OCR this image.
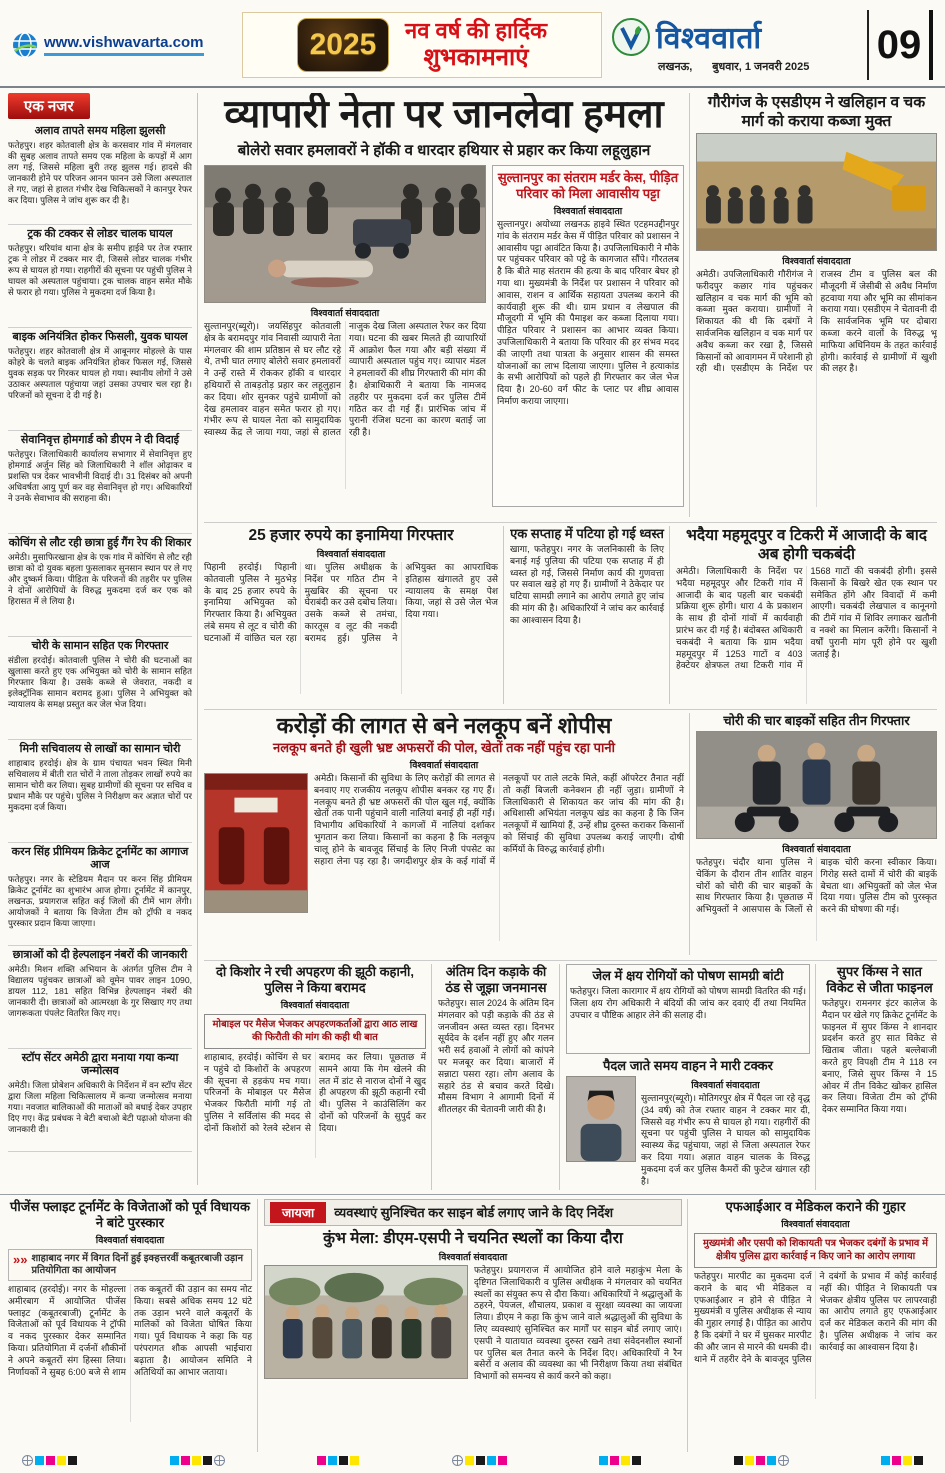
www.vishwavarta.com	2025	नव वर्ष की हार्दिक
शुभकामनाएं
विश्ववार्ता
लखनऊ, बुधवार, 1 जनवरी 2025 09
एक नजर
अलाव तापते समय महिला झुलसी

फतेहपुर। शहर कोतवाली क्षेत्र के करसवार गांव में मंगलवार की सुबह अलाव तापते समय एक महिला के कपड़ों में आग लग गई, जिससे महिला बुरी तरह झुलस गई। हादसे की जानकारी होने पर परिजन आनन फानन उसे जिला अस्पताल ले गए, जहां से हालत गंभीर देख चिकित्सकों ने कानपुर रेफर कर दिया। पुलिस ने जांच शुरू कर दी है।

ट्रक की टक्कर से लोडर चालक घायल

फतेहपुर। थरियांव थाना क्षेत्र के समीप हाईवे पर तेज रफ्तार ट्रक ने लोडर में टक्कर मार दी, जिससे लोडर चालक गंभीर रूप से घायल हो गया। राहगीरों की सूचना पर पहुंची पुलिस ने घायल को अस्पताल पहुंचाया। ट्रक चालक वाहन समेत मौके से फरार हो गया। पुलिस ने मुकदमा दर्ज किया है।

बाइक अनियंत्रित होकर फिसली, युवक घायल

फतेहपुर। शहर कोतवाली क्षेत्र में आबूनगर मोहल्ले के पास कोहरे के चलते बाइक अनियंत्रित होकर फिसल गई, जिससे युवक सड़क पर गिरकर घायल हो गया। स्थानीय लोगों ने उसे उठाकर अस्पताल पहुंचाया जहां उसका उपचार चल रहा है। परिजनों को सूचना दे दी गई है।

सेवानिवृत्त होमगार्ड को डीएम ने दी विदाई

फतेहपुर। जिलाधिकारी कार्यालय सभागार में सेवानिवृत्त हुए होमगार्ड अर्जुन सिंह को जिलाधिकारी ने शॉल ओढ़ाकर व प्रशस्ति पत्र देकर भावभीनी विदाई दी। 31 दिसंबर को अपनी अधिवर्षता आयु पूर्ण कर वह सेवानिवृत्त हो गए। अधिकारियों ने उनके सेवाभाव की सराहना की।

कोचिंग से लौट रही छात्रा हुई गैंग रेप की शिकार

अमेठी। मुसाफिरखाना क्षेत्र के एक गांव में कोचिंग से लौट रही छात्रा को दो युवक बहला फुसलाकर सुनसान स्थान पर ले गए और दुष्कर्म किया। पीड़िता के परिजनों की तहरीर पर पुलिस ने दोनों आरोपियों के विरुद्ध मुकदमा दर्ज कर एक को हिरासत में ले लिया है।

चोरी के सामान सहित एक गिरफ्तार

संडीला हरदोई। कोतवाली पुलिस ने चोरी की घटनाओं का खुलासा करते हुए एक अभियुक्त को चोरी के सामान सहित गिरफ्तार किया है। उसके कब्जे से जेवरात, नकदी व इलेक्ट्रॉनिक सामान बरामद हुआ। पुलिस ने अभियुक्त को न्यायालय के समक्ष प्रस्तुत कर जेल भेज दिया।

मिनी सचिवालय से लाखों का सामान चोरी

शाहाबाद हरदोई। क्षेत्र के ग्राम पंचायत भवन स्थित मिनी सचिवालय में बीती रात चोरों ने ताला तोड़कर लाखों रुपये का सामान चोरी कर लिया। सुबह ग्रामीणों की सूचना पर सचिव व प्रधान मौके पर पहुंचे। पुलिस ने निरीक्षण कर अज्ञात चोरों पर मुकदमा दर्ज किया।

करन सिंह प्रीमियम क्रिकेट टूर्नामेंट का आगाज आज

फतेहपुर। नगर के स्टेडियम मैदान पर करन सिंह प्रीमियम क्रिकेट टूर्नामेंट का शुभारंभ आज होगा। टूर्नामेंट में कानपुर, लखनऊ, प्रयागराज सहित कई जिलों की टीमें भाग लेंगी। आयोजकों ने बताया कि विजेता टीम को ट्रॉफी व नकद पुरस्कार प्रदान किया जाएगा।

छात्राओं को दी हेल्पलाइन नंबरों की जानकारी

अमेठी। मिशन शक्ति अभियान के अंतर्गत पुलिस टीम ने विद्यालय पहुंचकर छात्राओं को वूमेन पावर लाइन 1090, डायल 112, 181 सहित विभिन्न हेल्पलाइन नंबरों की जानकारी दी। छात्राओं को आत्मरक्षा के गुर सिखाए गए तथा जागरूकता पंपलेट वितरित किए गए।

स्टॉप सेंटर अमेठी द्वारा मनाया गया कन्या जन्मोत्सव

अमेठी। जिला प्रोबेशन अधिकारी के निर्देशन में वन स्टॉप सेंटर द्वारा जिला महिला चिकित्सालय में कन्या जन्मोत्सव मनाया गया। नवजात बालिकाओं की माताओं को बधाई देकर उपहार दिए गए। केंद्र प्रबंधक ने बेटी बचाओ बेटी पढ़ाओ योजना की जानकारी दी।

व्यापारी नेता पर जानलेवा हमला
बोलेरो सवार हमलावरों ने हॉकी व धारदार हथियार से प्रहार कर किया लहूलुहान
विश्ववार्ता संवाददाता
सुल्तानपुर(ब्यूरो)। जयसिंहपुर कोतवाली क्षेत्र के बरामदपुर गांव निवासी व्यापारी नेता मंगलवार की शाम प्रतिष्ठान से घर लौट रहे थे, तभी घात लगाए बोलेरो सवार हमलावरों ने उन्हें रास्ते में रोककर हॉकी व धारदार हथियारों से ताबड़तोड़ प्रहार कर लहूलुहान कर दिया। शोर सुनकर पहुंचे ग्रामीणों को देख हमलावर वाहन समेत फरार हो गए। गंभीर रूप से घायल नेता को सामुदायिक स्वास्थ्य केंद्र ले जाया गया, जहां से हालत नाजुक देख जिला अस्पताल रेफर कर दिया गया। घटना की खबर मिलते ही व्यापारियों में आक्रोश फैल गया और बड़ी संख्या में व्यापारी अस्पताल पहुंच गए। व्यापार मंडल ने हमलावरों की शीघ्र गिरफ्तारी की मांग की है। क्षेत्राधिकारी ने बताया कि नामजद तहरीर पर मुकदमा दर्ज कर पुलिस टीमें गठित कर दी गई हैं। प्रारंभिक जांच में पुरानी रंजिश घटना का कारण बताई जा रही है।
सुल्तानपुर का संतराम मर्डर केस, पीड़ित परिवार को मिला आवासीय पट्टा
विश्ववार्ता संवाददाता
सुल्तानपुर। अयोध्या लखनऊ हाइवे स्थित एटहमउद्दीनपुर गांव के संतराम मर्डर केस में पीड़ित परिवार को प्रशासन ने आवासीय पट्टा आवंटित किया है। उपजिलाधिकारी ने मौके पर पहुंचकर परिवार को पट्टे के कागजात सौंपे। गौरतलब है कि बीते माह संतराम की हत्या के बाद परिवार बेघर हो गया था। मुख्यमंत्री के निर्देश पर प्रशासन ने परिवार को आवास, राशन व आर्थिक सहायता उपलब्ध कराने की कार्यवाही शुरू की थी। ग्राम प्रधान व लेखपाल की मौजूदगी में भूमि की पैमाइश कर कब्जा दिलाया गया। पीड़ित परिवार ने प्रशासन का आभार व्यक्त किया। उपजिलाधिकारी ने बताया कि परिवार की हर संभव मदद की जाएगी तथा पात्रता के अनुसार शासन की समस्त योजनाओं का लाभ दिलाया जाएगा। पुलिस ने हत्याकांड के सभी आरोपियों को पहले ही गिरफ्तार कर जेल भेज दिया है। 20-60 वर्ग फीट के प्लाट पर शीघ्र आवास निर्माण कराया जाएगा।
गौरीगंज के एसडीएम ने खलिहान व चक मार्ग को कराया कब्जा मुक्त
विश्ववार्ता संवाददाता
अमेठी। उपजिलाधिकारी गौरीगंज ने फरीदपुर कछार गांव पहुंचकर खलिहान व चक मार्ग की भूमि को कब्जा मुक्त कराया। ग्रामीणों ने शिकायत की थी कि दबंगों ने सार्वजनिक खलिहान व चक मार्ग पर अवैध कब्जा कर रखा है, जिससे किसानों को आवागमन में परेशानी हो रही थी। एसडीएम के निर्देश पर राजस्व टीम व पुलिस बल की मौजूदगी में जेसीबी से अवैध निर्माण हटवाया गया और भूमि का सीमांकन कराया गया। एसडीएम ने चेतावनी दी कि सार्वजनिक भूमि पर दोबारा कब्जा करने वालों के विरुद्ध भू माफिया अधिनियम के तहत कार्रवाई होगी। कार्रवाई से ग्रामीणों में खुशी की लहर है।
25 हजार रुपये का इनामिया गिरफ्तार
विश्ववार्ता संवाददाता
पिहानी हरदोई। पिहानी कोतवाली पुलिस ने मुठभेड़ के बाद 25 हजार रुपये के इनामिया अभियुक्त को गिरफ्तार किया है। अभियुक्त लंबे समय से लूट व चोरी की घटनाओं में वांछित चल रहा था। पुलिस अधीक्षक के निर्देश पर गठित टीम ने मुखबिर की सूचना पर घेराबंदी कर उसे दबोच लिया। उसके कब्जे से तमंचा, कारतूस व लूट की नकदी बरामद हुई। पुलिस ने अभियुक्त का आपराधिक इतिहास खंगालते हुए उसे न्यायालय के समक्ष पेश किया, जहां से उसे जेल भेज दिया गया।
एक सप्ताह में पटिया हो गई ध्वस्त
खागा, फतेहपुर। नगर के जलनिकासी के लिए बनाई गई पुलिया की पटिया एक सप्ताह में ही ध्वस्त हो गई, जिससे निर्माण कार्य की गुणवत्ता पर सवाल खड़े हो गए हैं। ग्रामीणों ने ठेकेदार पर घटिया सामग्री लगाने का आरोप लगाते हुए जांच की मांग की है। अधिकारियों ने जांच कर कार्रवाई का आश्वासन दिया है।
भदैया महमूदपुर व टिकरी में आजादी के बाद अब होगी चकबंदी
अमेठी। जिलाधिकारी के निर्देश पर भदैया महमूदपुर और टिकरी गांव में आजादी के बाद पहली बार चकबंदी प्रक्रिया शुरू होगी। धारा 4 के प्रकाशन के साथ ही दोनों गांवों में कार्यवाही प्रारंभ कर दी गई है। बंदोबस्त अधिकारी चकबंदी ने बताया कि ग्राम भदैया महमूदपुर में 1253 गाटों व 403 हेक्टेयर क्षेत्रफल तथा टिकरी गांव में 1568 गाटों की चकबंदी होगी। इससे किसानों के बिखरे खेत एक स्थान पर समेकित होंगे और विवादों में कमी आएगी। चकबंदी लेखपाल व कानूनगो की टीमें गांव में शिविर लगाकर खतौनी व नक्शे का मिलान करेंगी। किसानों ने वर्षों पुरानी मांग पूरी होने पर खुशी जताई है।
करोड़ों की लागत से बने नलकूप बनें शोपीस
नलकूप बनते ही खुली भ्रष्ट अफसरों की पोल, खेतों तक नहीं पहुंच रहा पानी
विश्ववार्ता संवाददाता
अमेठी। किसानों की सुविधा के लिए करोड़ों की लागत से बनवाए गए राजकीय नलकूप शोपीस बनकर रह गए हैं। नलकूप बनते ही भ्रष्ट अफसरों की पोल खुल गई, क्योंकि खेतों तक पानी पहुंचाने वाली नालियां बनाई ही नहीं गईं। विभागीय अधिकारियों ने कागजों में नालियां दर्शाकर भुगतान करा लिया। किसानों का कहना है कि नलकूप चालू होने के बावजूद सिंचाई के लिए निजी पंपसेट का सहारा लेना पड़ रहा है। जगदीशपुर क्षेत्र के कई गांवों में नलकूपों पर ताले लटके मिले, कहीं ऑपरेटर तैनात नहीं तो कहीं बिजली कनेक्शन ही नहीं जुड़ा। ग्रामीणों ने जिलाधिकारी से शिकायत कर जांच की मांग की है। अधिशासी अभियंता नलकूप खंड का कहना है कि जिन नलकूपों में खामियां हैं, उन्हें शीघ्र दुरुस्त कराकर किसानों को सिंचाई की सुविधा उपलब्ध कराई जाएगी। दोषी कर्मियों के विरुद्ध कार्रवाई होगी।
चोरी की चार बाइकों सहित तीन गिरफ्तार
विश्ववार्ता संवाददाता
फतेहपुर। चंदौर थाना पुलिस ने चेकिंग के दौरान तीन शातिर वाहन चोरों को चोरी की चार बाइकों के साथ गिरफ्तार किया है। पूछताछ में अभियुक्तों ने आसपास के जिलों से बाइक चोरी करना स्वीकार किया। गिरोह सस्ते दामों में चोरी की बाइकें बेचता था। अभियुक्तों को जेल भेज दिया गया। पुलिस टीम को पुरस्कृत करने की घोषणा की गई।
दो किशोर ने रची अपहरण की झूठी कहानी, पुलिस ने किया बरामद
विश्ववार्ता संवाददाता
मोबाइल पर मैसेज भेजकर अपहरणकर्ताओं द्वारा आठ लाख की फिरौती की मांग की कही थी बात
शाहाबाद, हरदोई। कोचिंग से घर न पहुंचे दो किशोरों के अपहरण की सूचना से हड़कंप मच गया। परिजनों के मोबाइल पर मैसेज भेजकर फिरौती मांगी गई तो पुलिस ने सर्विलांस की मदद से दोनों किशोरों को रेलवे स्टेशन से बरामद कर लिया। पूछताछ में सामने आया कि गेम खेलने की लत में डांट से नाराज दोनों ने खुद ही अपहरण की झूठी कहानी रची थी। पुलिस ने काउंसिलिंग कर दोनों को परिजनों के सुपुर्द कर दिया।
अंतिम दिन कड़ाके की ठंड से जूझा जनमानस
फतेहपुर। साल 2024 के अंतिम दिन मंगलवार को पड़ी कड़ाके की ठंड से जनजीवन अस्त व्यस्त रहा। दिनभर सूर्यदेव के दर्शन नहीं हुए और गलन भरी सर्द हवाओं ने लोगों को कांपने पर मजबूर कर दिया। बाजारों में सन्नाटा पसरा रहा। लोग अलाव के सहारे ठंड से बचाव करते दिखे। मौसम विभाग ने आगामी दिनों में शीतलहर की चेतावनी जारी की है।
जेल में क्षय रोगियों को पोषण सामग्री बांटी
फतेहपुर। जिला कारागार में क्षय रोगियों को पोषण सामग्री वितरित की गई। जिला क्षय रोग अधिकारी ने बंदियों की जांच कर दवाएं दीं तथा नियमित उपचार व पौष्टिक आहार लेने की सलाह दी।
पैदल जाते समय वाहन ने मारी टक्कर
विश्ववार्ता संवाददाता
सुल्तानपुर(ब्यूरो)। मोतिगरपुर क्षेत्र में पैदल जा रहे वृद्ध (34 वर्ष) को तेज रफ्तार वाहन ने टक्कर मार दी, जिससे वह गंभीर रूप से घायल हो गया। राहगीरों की सूचना पर पहुंची पुलिस ने घायल को सामुदायिक स्वास्थ्य केंद्र पहुंचाया, जहां से जिला अस्पताल रेफर कर दिया गया। अज्ञात वाहन चालक के विरुद्ध मुकदमा दर्ज कर पुलिस कैमरों की फुटेज खंगाल रही है।
सुपर किंग्स ने सात विकेट से जीता फाइनल
फतेहपुर। रामनगर इंटर कालेज के मैदान पर खेले गए क्रिकेट टूर्नामेंट के फाइनल में सुपर किंग्स ने शानदार प्रदर्शन करते हुए सात विकेट से खिताब जीता। पहले बल्लेबाजी करते हुए विपक्षी टीम ने 118 रन बनाए, जिसे सुपर किंग्स ने 15 ओवर में तीन विकेट खोकर हासिल कर लिया। विजेता टीम को ट्रॉफी देकर सम्मानित किया गया।
पीजेंस फ्लाइट टूर्नामेंट के विजेताओं को पूर्व विधायक ने बांटे पुरस्कार
विश्ववार्ता संवाददाता
»» शाहाबाद नगर में विगत दिनों हुई इक्हत्तरवीं कबूतरबाजी उड़ान प्रतियोगिता का आयोजन
शाहाबाद (हरदोई)। नगर के मोहल्ला अमीरबाग में आयोजित पीजेंस फ्लाइट (कबूतरबाजी) टूर्नामेंट के विजेताओं को पूर्व विधायक ने ट्रॉफी व नकद पुरस्कार देकर सम्मानित किया। प्रतियोगिता में दर्जनों शौकीनों ने अपने कबूतरों संग हिस्सा लिया। निर्णायकों ने सुबह 6:00 बजे से शाम तक कबूतरों की उड़ान का समय नोट किया। सबसे अधिक समय 12 घंटे तक उड़ान भरने वाले कबूतरों के मालिकों को विजेता घोषित किया गया। पूर्व विधायक ने कहा कि यह परंपरागत शौक आपसी भाईचारा बढ़ाता है। आयोजन समिति ने अतिथियों का आभार जताया।
जायजा	व्यवस्थाएं सुनिश्चित कर साइन बोर्ड लगाए जाने के दिए निर्देश
कुंभ मेला: डीएम-एसपी ने चयनित स्थलों का किया दौरा
विश्ववार्ता संवाददाता
फतेहपुर। प्रयागराज में आयोजित होने वाले महाकुंभ मेला के दृष्टिगत जिलाधिकारी व पुलिस अधीक्षक ने मंगलवार को चयनित स्थलों का संयुक्त रूप से दौरा किया। अधिकारियों ने श्रद्धालुओं के ठहरने, पेयजल, शौचालय, प्रकाश व सुरक्षा व्यवस्था का जायजा लिया। डीएम ने कहा कि कुंभ जाने वाले श्रद्धालुओं की सुविधा के लिए व्यवस्थाएं सुनिश्चित कर मार्गों पर साइन बोर्ड लगाए जाएं। एसपी ने यातायात व्यवस्था दुरुस्त रखने तथा संवेदनशील स्थानों पर पुलिस बल तैनात करने के निर्देश दिए। अधिकारियों ने रैन बसेरों व अलाव की व्यवस्था का भी निरीक्षण किया तथा संबंधित विभागों को समन्वय से कार्य करने को कहा।
एफआईआर व मेडिकल कराने की गुहार
विश्ववार्ता संवाददाता
मुख्यमंत्री और एसपी को शिकायती पत्र भेजकर दबंगों के प्रभाव में क्षेत्रीय पुलिस द्वारा कार्रवाई न किए जाने का आरोप लगाया
फतेहपुर। मारपीट का मुकदमा दर्ज कराने के बाद भी मेडिकल व एफआईआर न होने से पीड़ित ने मुख्यमंत्री व पुलिस अधीक्षक से न्याय की गुहार लगाई है। पीड़ित का आरोप है कि दबंगों ने घर में घुसकर मारपीट की और जान से मारने की धमकी दी। थाने में तहरीर देने के बावजूद पुलिस ने दबंगों के प्रभाव में कोई कार्रवाई नहीं की। पीड़ित ने शिकायती पत्र भेजकर क्षेत्रीय पुलिस पर लापरवाही का आरोप लगाते हुए एफआईआर दर्ज कर मेडिकल कराने की मांग की है। पुलिस अधीक्षक ने जांच कर कार्रवाई का आश्वासन दिया है।
